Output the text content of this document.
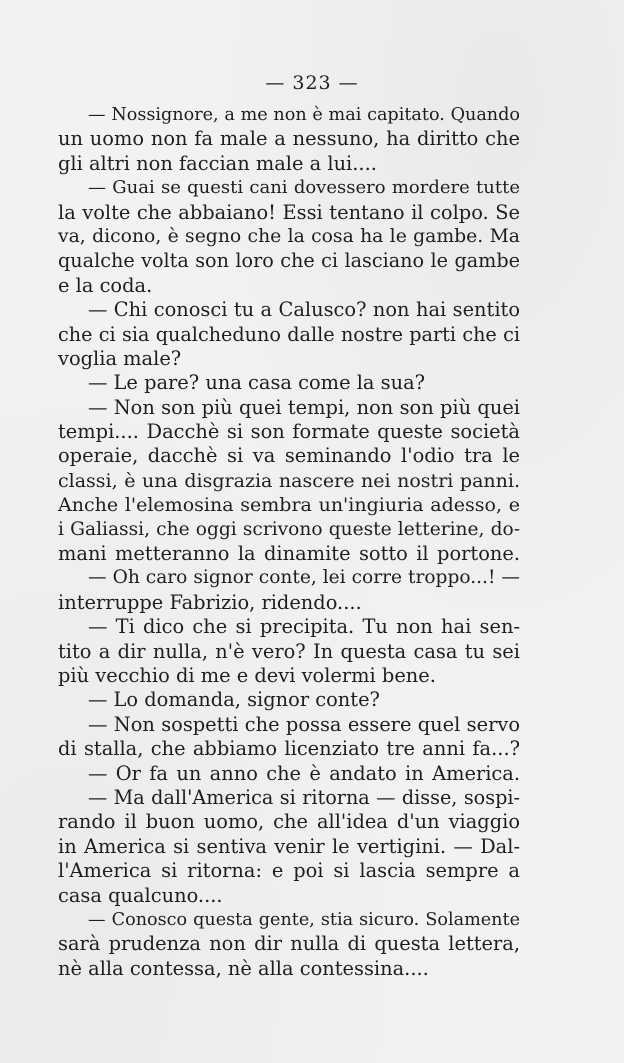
— 323 —
— Nossignore, a me non è mai capitato. Quando
un uomo non fa male a nessuno, ha diritto che
gli altri non faccian male a lui....
— Guai se questi cani dovessero mordere tutte
la volte che abbaiano! Essi tentano il colpo. Se
va, dicono, è segno che la cosa ha le gambe. Ma
qualche volta son loro che ci lasciano le gambe
e la coda.
— Chi conosci tu a Calusco? non hai sentito
che ci sia qualcheduno dalle nostre parti che ci
voglia male?
— Le pare? una casa come la sua?
— Non son più quei tempi, non son più quei
tempi.... Dacchè si son formate queste società
operaie, dacchè si va seminando l'odio tra le
classi, è una disgrazia nascere nei nostri panni.
Anche l'elemosina sembra un'ingiuria adesso, e
i Galiassi, che oggi scrivono queste letterine, do-
mani metteranno la dinamite sotto il portone.
— Oh caro signor conte, lei corre troppo...! —
interruppe Fabrizio, ridendo....
— Ti dico che si precipita. Tu non hai sen-
tito a dir nulla, n'è vero? In questa casa tu sei
più vecchio di me e devi volermi bene.
— Lo domanda, signor conte?
— Non sospetti che possa essere quel servo
di stalla, che abbiamo licenziato tre anni fa...?
— Or fa un anno che è andato in America.
— Ma dall'America si ritorna — disse, sospi-
rando il buon uomo, che all'idea d'un viaggio
in America si sentiva venir le vertigini. — Dal-
l'America si ritorna: e poi si lascia sempre a
casa qualcuno....
— Conosco questa gente, stia sicuro. Solamente
sarà prudenza non dir nulla di questa lettera,
nè alla contessa, nè alla contessina....
